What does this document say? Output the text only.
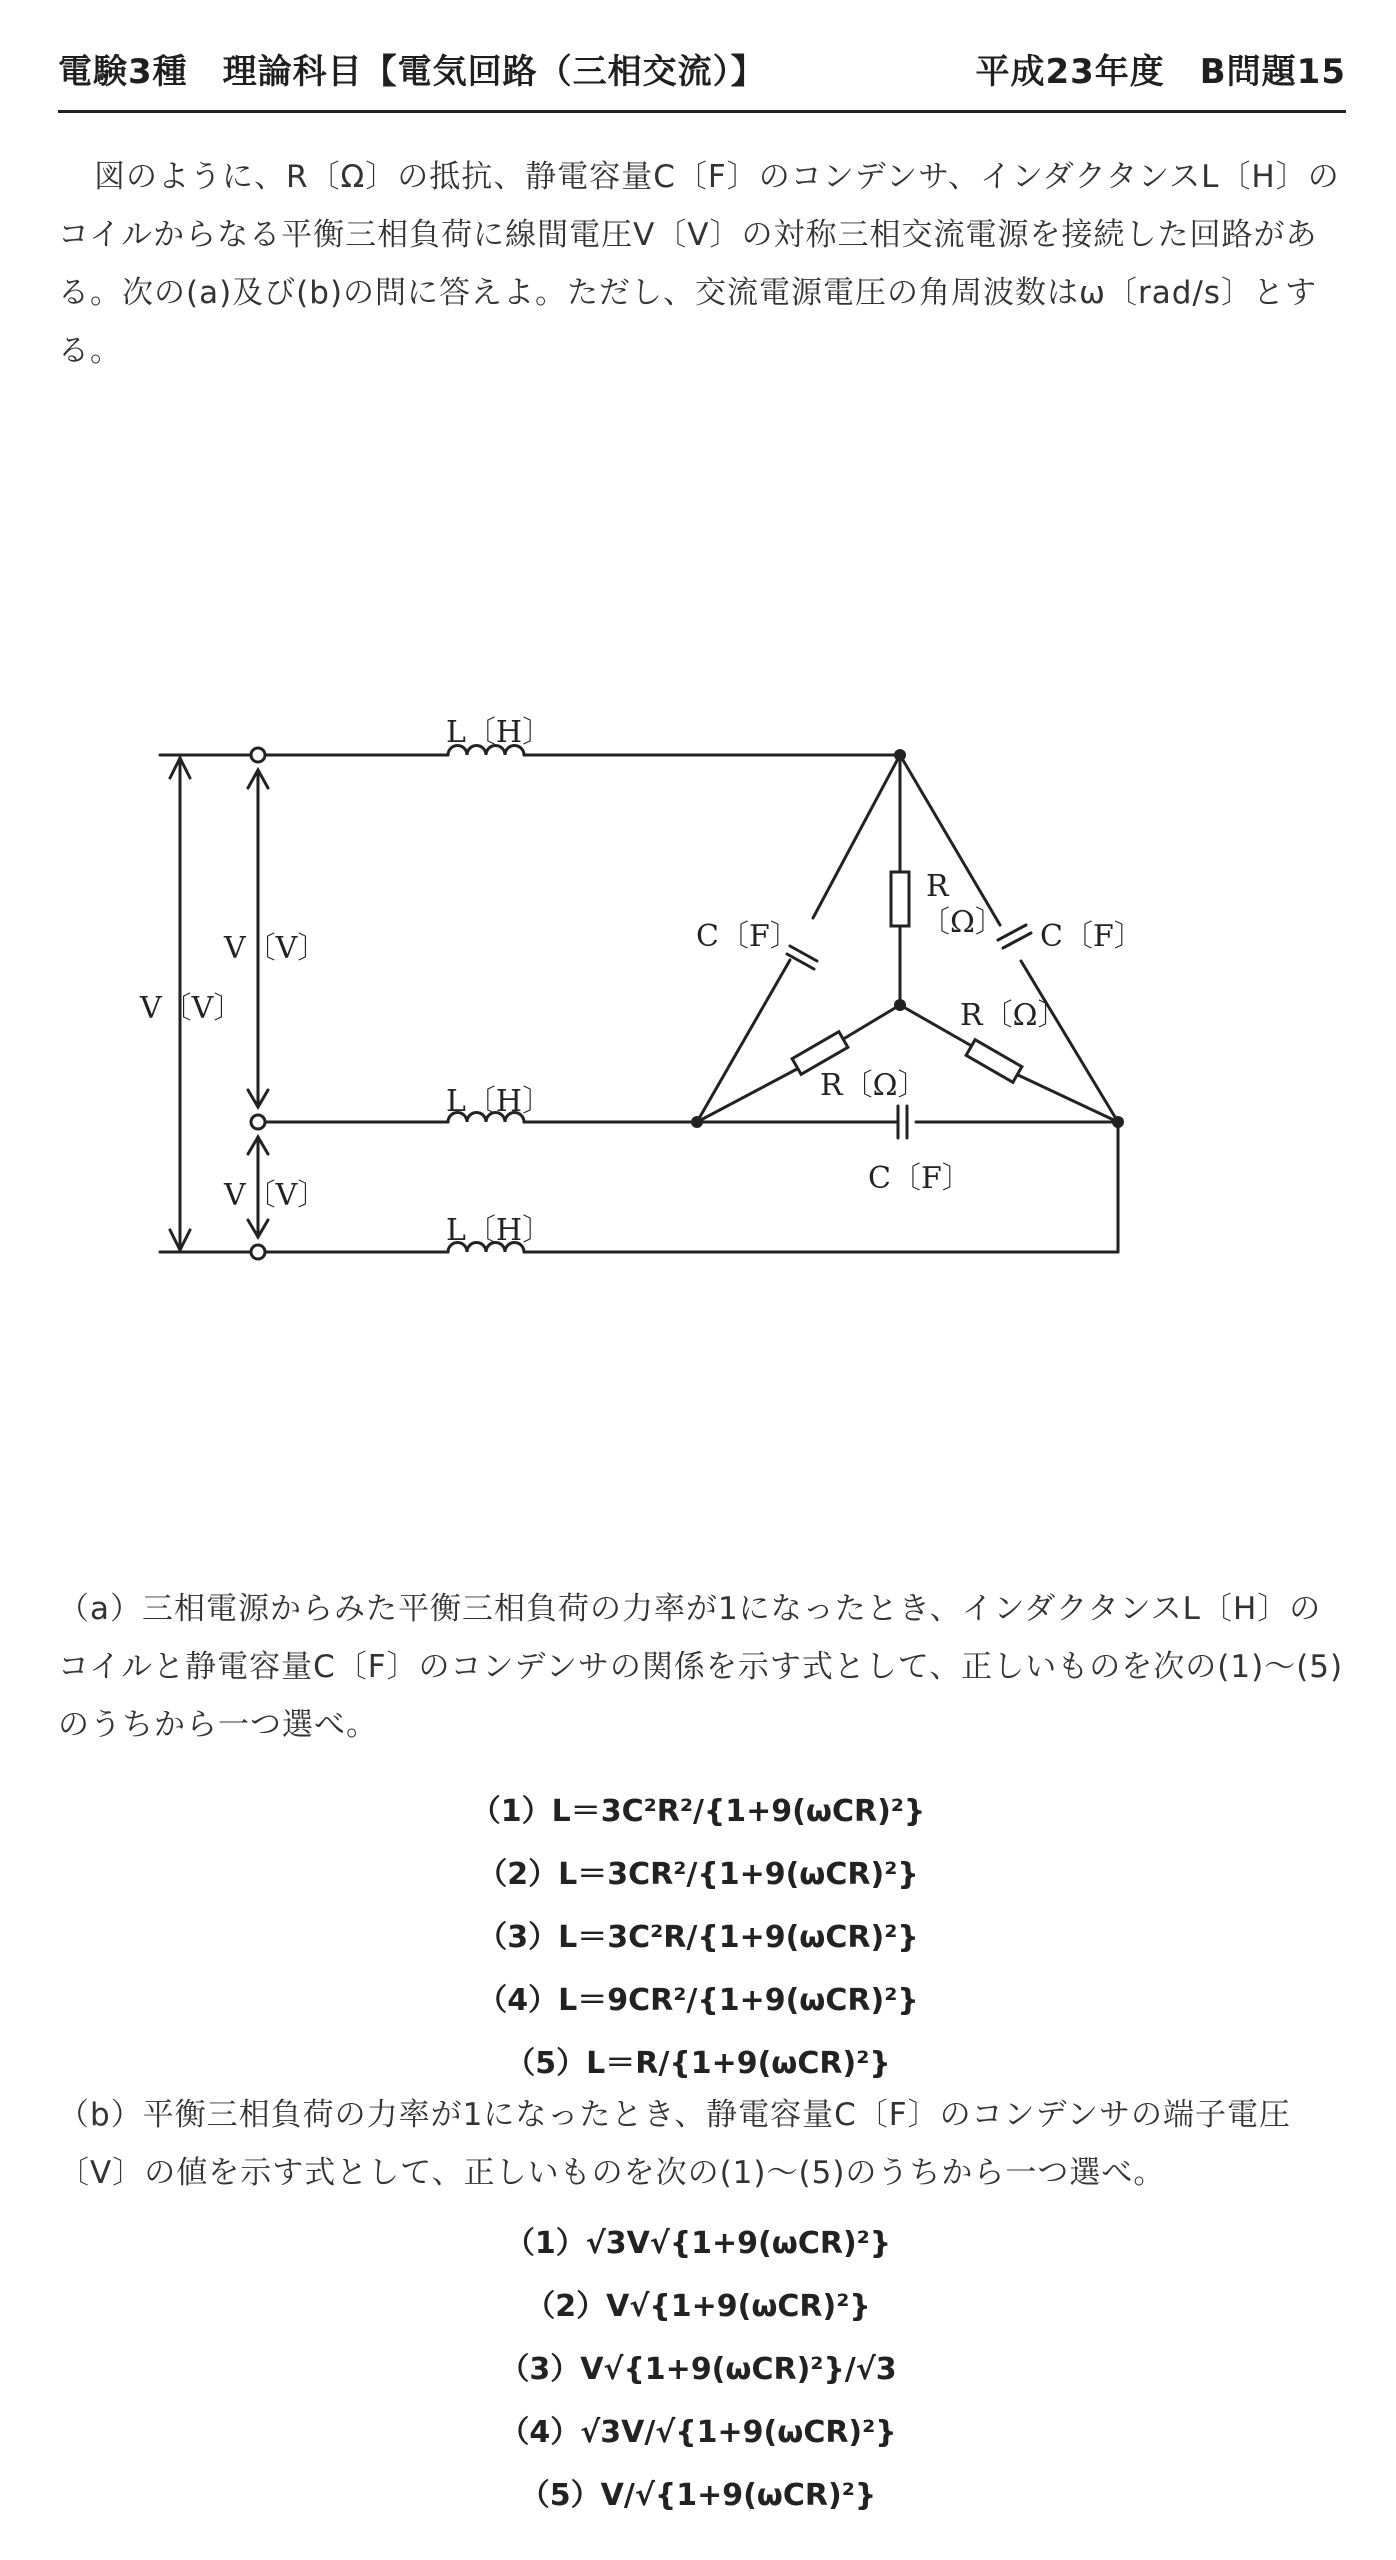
電験3種　理論科目【電気回路（三相交流）】	平成23年度　B問題15
図のように、R〔Ω〕の抵抗、静電容量C〔F〕のコンデンサ、インダクタンスL〔H〕のコイルからなる平衡三相負荷に線間電圧V〔V〕の対称三相交流電源を接続した回路がある。次の(a)及び(b)の問に答えよ。ただし、交流電源電圧の角周波数はω〔rad/s〕とする。
L〔H〕
L〔H〕
L〔H〕
C〔F〕	C〔F〕
C〔F〕
R
〔Ω〕
R〔Ω〕
R〔Ω〕
V〔V〕
V〔V〕
V〔V〕
（a）三相電源からみた平衡三相負荷の力率が1になったとき、インダクタンスL〔H〕のコイルと静電容量C〔F〕のコンデンサの関係を示す式として、正しいものを次の(1)～(5)のうちから一つ選べ。
（1）L＝3C²R²/{1+9(ωCR)²}
（2）L＝3CR²/{1+9(ωCR)²}
（3）L＝3C²R/{1+9(ωCR)²}
（4）L＝9CR²/{1+9(ωCR)²}
（5）L＝R/{1+9(ωCR)²}
（b）平衡三相負荷の力率が1になったとき、静電容量C〔F〕のコンデンサの端子電圧〔V〕の値を示す式として、正しいものを次の(1)～(5)のうちから一つ選べ。
（1）√3V√{1+9(ωCR)²}
（2）V√{1+9(ωCR)²}
（3）V√{1+9(ωCR)²}/√3
（4）√3V/√{1+9(ωCR)²}
（5）V/√{1+9(ωCR)²}
